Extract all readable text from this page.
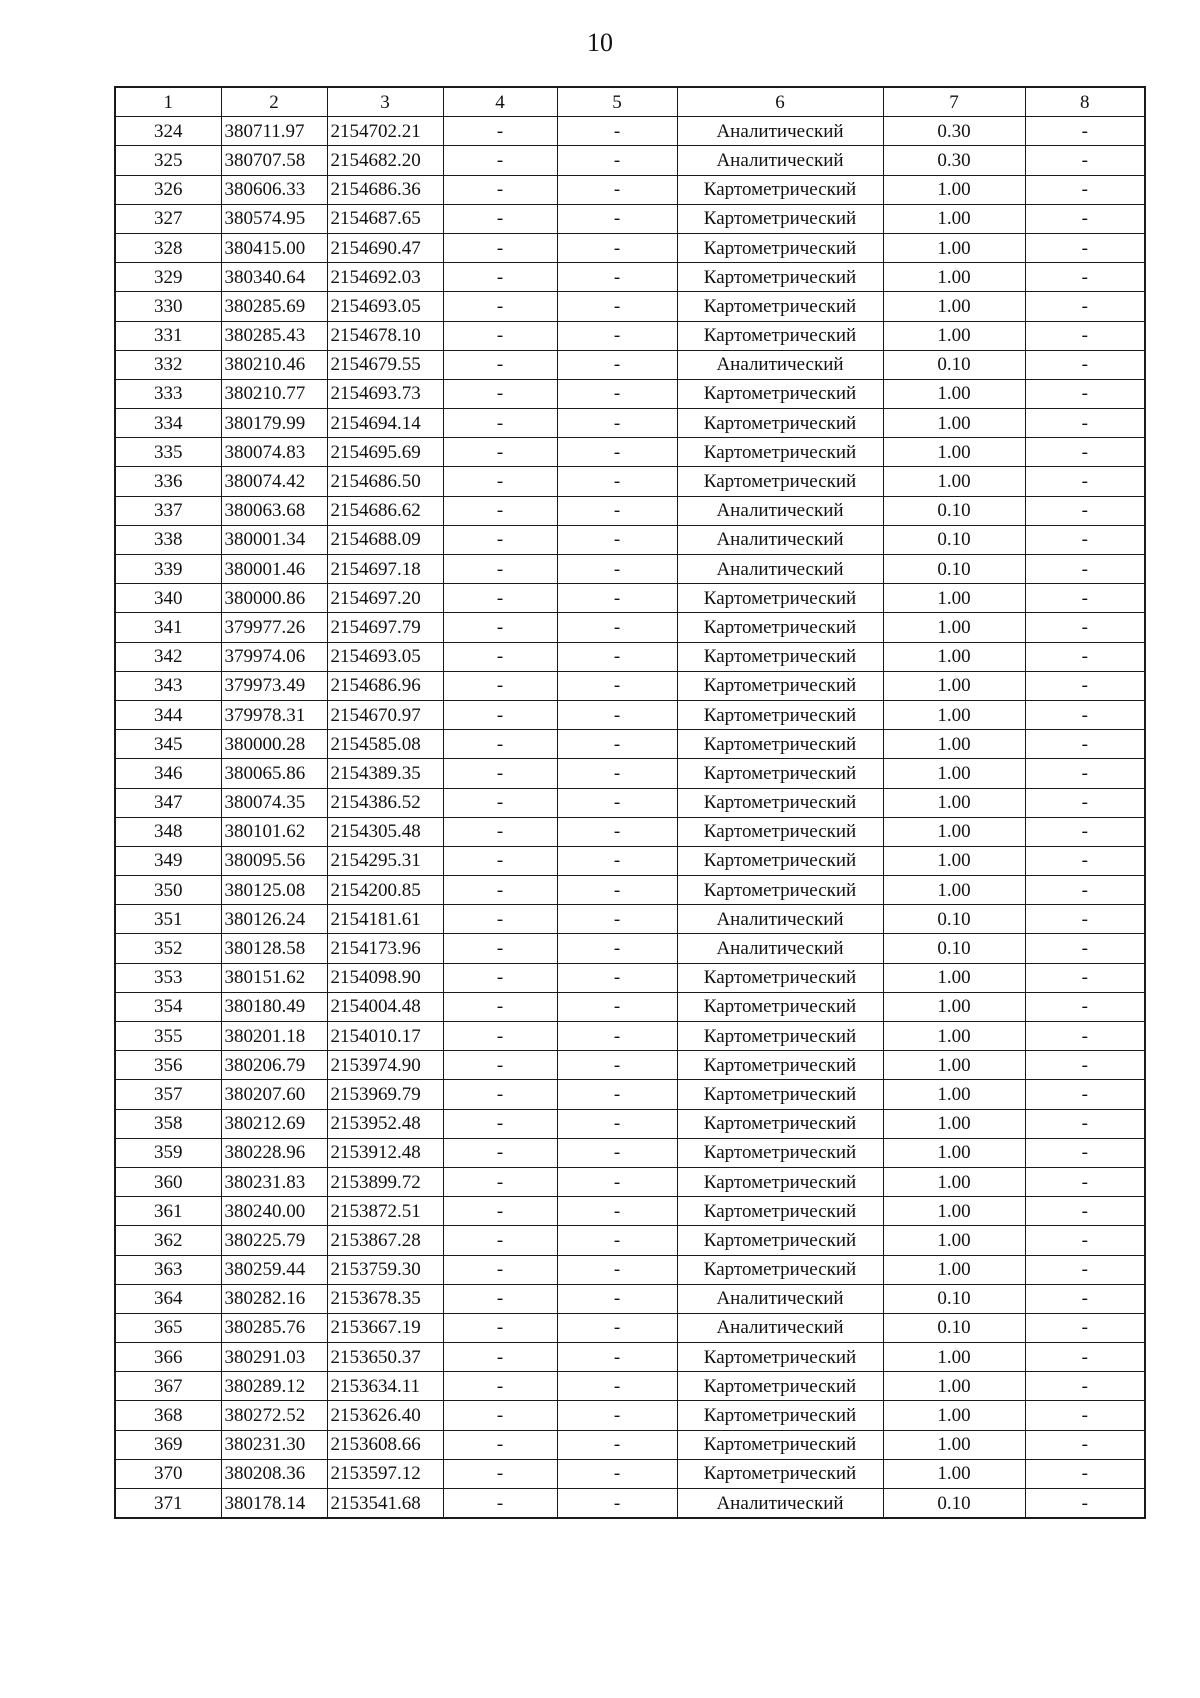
10
1	2	3	4	5	6	7	8
324	380711.97	2154702.21	-	-	Аналитический	0.30	-
325	380707.58	2154682.20	-	-	Аналитический	0.30	-
326	380606.33	2154686.36	-	-	Картометрический	1.00	-
327	380574.95	2154687.65	-	-	Картометрический	1.00	-
328	380415.00	2154690.47	-	-	Картометрический	1.00	-
329	380340.64	2154692.03	-	-	Картометрический	1.00	-
330	380285.69	2154693.05	-	-	Картометрический	1.00	-
331	380285.43	2154678.10	-	-	Картометрический	1.00	-
332	380210.46	2154679.55	-	-	Аналитический	0.10	-
333	380210.77	2154693.73	-	-	Картометрический	1.00	-
334	380179.99	2154694.14	-	-	Картометрический	1.00	-
335	380074.83	2154695.69	-	-	Картометрический	1.00	-
336	380074.42	2154686.50	-	-	Картометрический	1.00	-
337	380063.68	2154686.62	-	-	Аналитический	0.10	-
338	380001.34	2154688.09	-	-	Аналитический	0.10	-
339	380001.46	2154697.18	-	-	Аналитический	0.10	-
340	380000.86	2154697.20	-	-	Картометрический	1.00	-
341	379977.26	2154697.79	-	-	Картометрический	1.00	-
342	379974.06	2154693.05	-	-	Картометрический	1.00	-
343	379973.49	2154686.96	-	-	Картометрический	1.00	-
344	379978.31	2154670.97	-	-	Картометрический	1.00	-
345	380000.28	2154585.08	-	-	Картометрический	1.00	-
346	380065.86	2154389.35	-	-	Картометрический	1.00	-
347	380074.35	2154386.52	-	-	Картометрический	1.00	-
348	380101.62	2154305.48	-	-	Картометрический	1.00	-
349	380095.56	2154295.31	-	-	Картометрический	1.00	-
350	380125.08	2154200.85	-	-	Картометрический	1.00	-
351	380126.24	2154181.61	-	-	Аналитический	0.10	-
352	380128.58	2154173.96	-	-	Аналитический	0.10	-
353	380151.62	2154098.90	-	-	Картометрический	1.00	-
354	380180.49	2154004.48	-	-	Картометрический	1.00	-
355	380201.18	2154010.17	-	-	Картометрический	1.00	-
356	380206.79	2153974.90	-	-	Картометрический	1.00	-
357	380207.60	2153969.79	-	-	Картометрический	1.00	-
358	380212.69	2153952.48	-	-	Картометрический	1.00	-
359	380228.96	2153912.48	-	-	Картометрический	1.00	-
360	380231.83	2153899.72	-	-	Картометрический	1.00	-
361	380240.00	2153872.51	-	-	Картометрический	1.00	-
362	380225.79	2153867.28	-	-	Картометрический	1.00	-
363	380259.44	2153759.30	-	-	Картометрический	1.00	-
364	380282.16	2153678.35	-	-	Аналитический	0.10	-
365	380285.76	2153667.19	-	-	Аналитический	0.10	-
366	380291.03	2153650.37	-	-	Картометрический	1.00	-
367	380289.12	2153634.11	-	-	Картометрический	1.00	-
368	380272.52	2153626.40	-	-	Картометрический	1.00	-
369	380231.30	2153608.66	-	-	Картометрический	1.00	-
370	380208.36	2153597.12	-	-	Картометрический	1.00	-
371	380178.14	2153541.68	-	-	Аналитический	0.10	-
